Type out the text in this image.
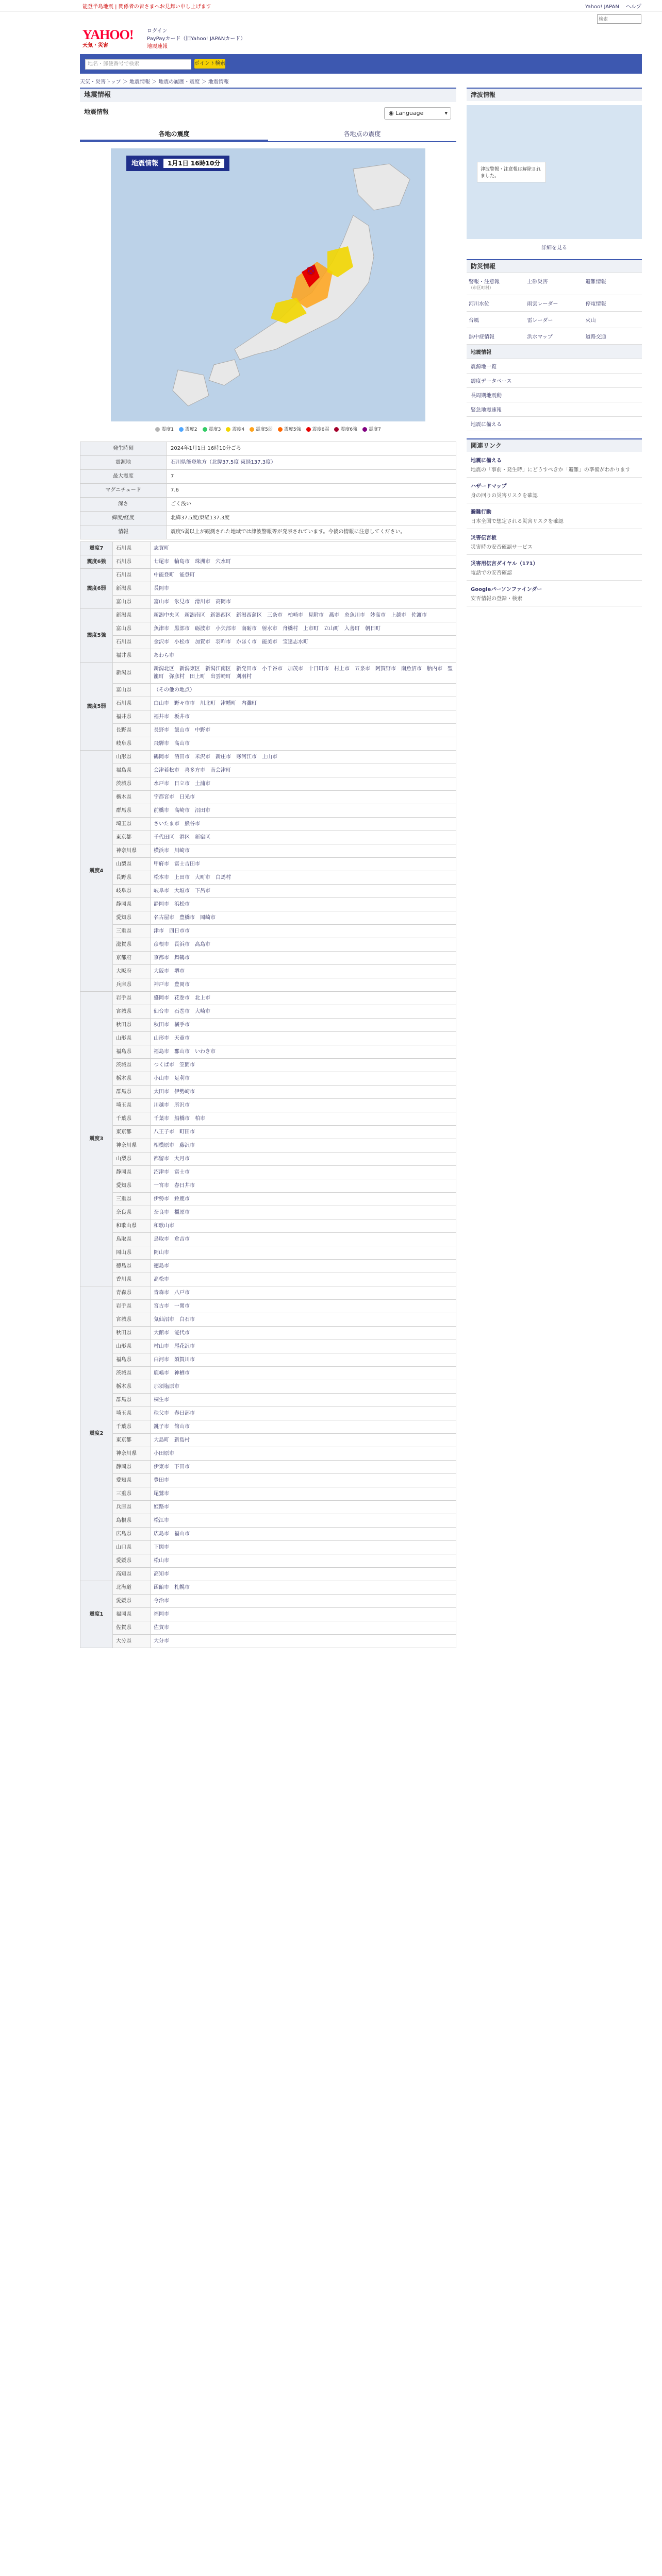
能登半島地震 | 関係者の皆さまへお見舞い申し上げます	Yahoo! JAPAN ヘルプ
YAHOO!
天気・災害
ログイン
PayPayカード（旧Yahoo! JAPANカード）
地震速報
検索
地名・郵便番号で検索	ポイント検索
天気・災害トップ ＞ 地震情報 ＞ 地震の履歴・震度 ＞ 地震情報
地震情報
◉ Language	▾
地震情報
各地の震度	各地点の震度
地震情報 1月1日 16時10分
震度1	震度2	震度3	震度4	震度5弱	震度5強	震度6弱	震度6強	震度7
発生時刻	2024年1月1日 16時10分ごろ
震源地	石川県能登地方（北緯37.5度 東経137.3度）
最大震度	7
マグニチュード	7.6
深さ	ごく浅い
緯度/経度	北緯37.5度/東経137.3度
情報	震度5弱以上が観測された地域では津波警報等が発表されています。今後の情報に注意してください。
震度7	石川県	志賀町
震度6強	石川県	七尾市　輪島市　珠洲市　穴水町
震度6弱	石川県	中能登町　能登町
	新潟県	長岡市
	富山県	富山市　氷見市　滑川市　高岡市
震度5強	新潟県	新潟中央区　新潟南区　新潟西区　新潟西蒲区　三条市　柏崎市　見附市　燕市　糸魚川市　妙高市　上越市　佐渡市
	富山県	魚津市　黒部市　砺波市　小矢部市　南砺市　射水市　舟橋村　上市町　立山町　入善町　朝日町
	石川県	金沢市　小松市　加賀市　羽咋市　かほく市　能美市　宝達志水町
	福井県	あわら市
震度5弱	新潟県	新潟北区　新潟東区　新潟江南区　新発田市　小千谷市　加茂市　十日町市　村上市　五泉市　阿賀野市　南魚沼市　胎内市　聖籠町　弥彦村　田上町　出雲崎町　刈羽村
	富山県	（その他の地点）
	石川県	白山市　野々市市　川北町　津幡町　内灘町
	福井県	福井市　坂井市
	長野県	長野市　飯山市　中野市
	岐阜県	飛騨市　高山市
震度4	山形県	鶴岡市　酒田市　米沢市　新庄市　寒河江市　上山市
	福島県	会津若松市　喜多方市　南会津町
	茨城県	水戸市　日立市　土浦市
	栃木県	宇都宮市　日光市
	群馬県	前橋市　高崎市　沼田市
	埼玉県	さいたま市　熊谷市
	東京都	千代田区　港区　新宿区
	神奈川県	横浜市　川崎市
	山梨県	甲府市　富士吉田市
	長野県	松本市　上田市　大町市　白馬村
	岐阜県	岐阜市　大垣市　下呂市
	静岡県	静岡市　浜松市
	愛知県	名古屋市　豊橋市　岡崎市
	三重県	津市　四日市市
	滋賀県	彦根市　長浜市　高島市
	京都府	京都市　舞鶴市
	大阪府	大阪市　堺市
	兵庫県	神戸市　豊岡市
震度3	岩手県	盛岡市　花巻市　北上市
	宮城県	仙台市　石巻市　大崎市
	秋田県	秋田市　横手市
	山形県	山形市　天童市
	福島県	福島市　郡山市　いわき市
	茨城県	つくば市　笠間市
	栃木県	小山市　足利市
	群馬県	太田市　伊勢崎市
	埼玉県	川越市　所沢市
	千葉県	千葉市　船橋市　柏市
	東京都	八王子市　町田市
	神奈川県	相模原市　藤沢市
	山梨県	都留市　大月市
	静岡県	沼津市　富士市
	愛知県	一宮市　春日井市
	三重県	伊勢市　鈴鹿市
	奈良県	奈良市　橿原市
	和歌山県	和歌山市
	鳥取県	鳥取市　倉吉市
	岡山県	岡山市
	徳島県	徳島市
	香川県	高松市
震度2	青森県	青森市　八戸市
	岩手県	宮古市　一関市
	宮城県	気仙沼市　白石市
	秋田県	大館市　能代市
	山形県	村山市　尾花沢市
	福島県	白河市　須賀川市
	茨城県	鹿嶋市　神栖市
	栃木県	那須塩原市
	群馬県	桐生市
	埼玉県	秩父市　春日部市
	千葉県	銚子市　館山市
	東京都	大島町　新島村
	神奈川県	小田原市
	静岡県	伊東市　下田市
	愛知県	豊田市
	三重県	尾鷲市
	兵庫県	姫路市
	島根県	松江市
	広島県	広島市　福山市
	山口県	下関市
	愛媛県	松山市
	高知県	高知市
震度1	北海道	函館市　札幌市
	愛媛県	今治市
	福岡県	福岡市
	佐賀県	佐賀市
	大分県	大分市
津波情報
津波警報・注意報は解除されました。
詳細を見る
防災情報
警報・注意報
（市区町村）
土砂災害	避難情報
河川水位	雨雲レーダー	停電情報
台風	雷レーダー	火山
熱中症情報	洪水マップ	道路交通
地震情報
震源地一覧
震度データベース
長周期地震動
緊急地震速報
地震に備える
関連リンク
地震に備える
地震の「事前・発生時」にどうすべきか「避難」の準備がわかります
ハザードマップ
身の回りの災害リスクを確認
避難行動
日本全国で想定される災害リスクを確認
災害伝言板
災害時の安否確認サービス
災害用伝言ダイヤル（171）
電話での安否確認
Googleパーソンファインダー
安否情報の登録・検索
